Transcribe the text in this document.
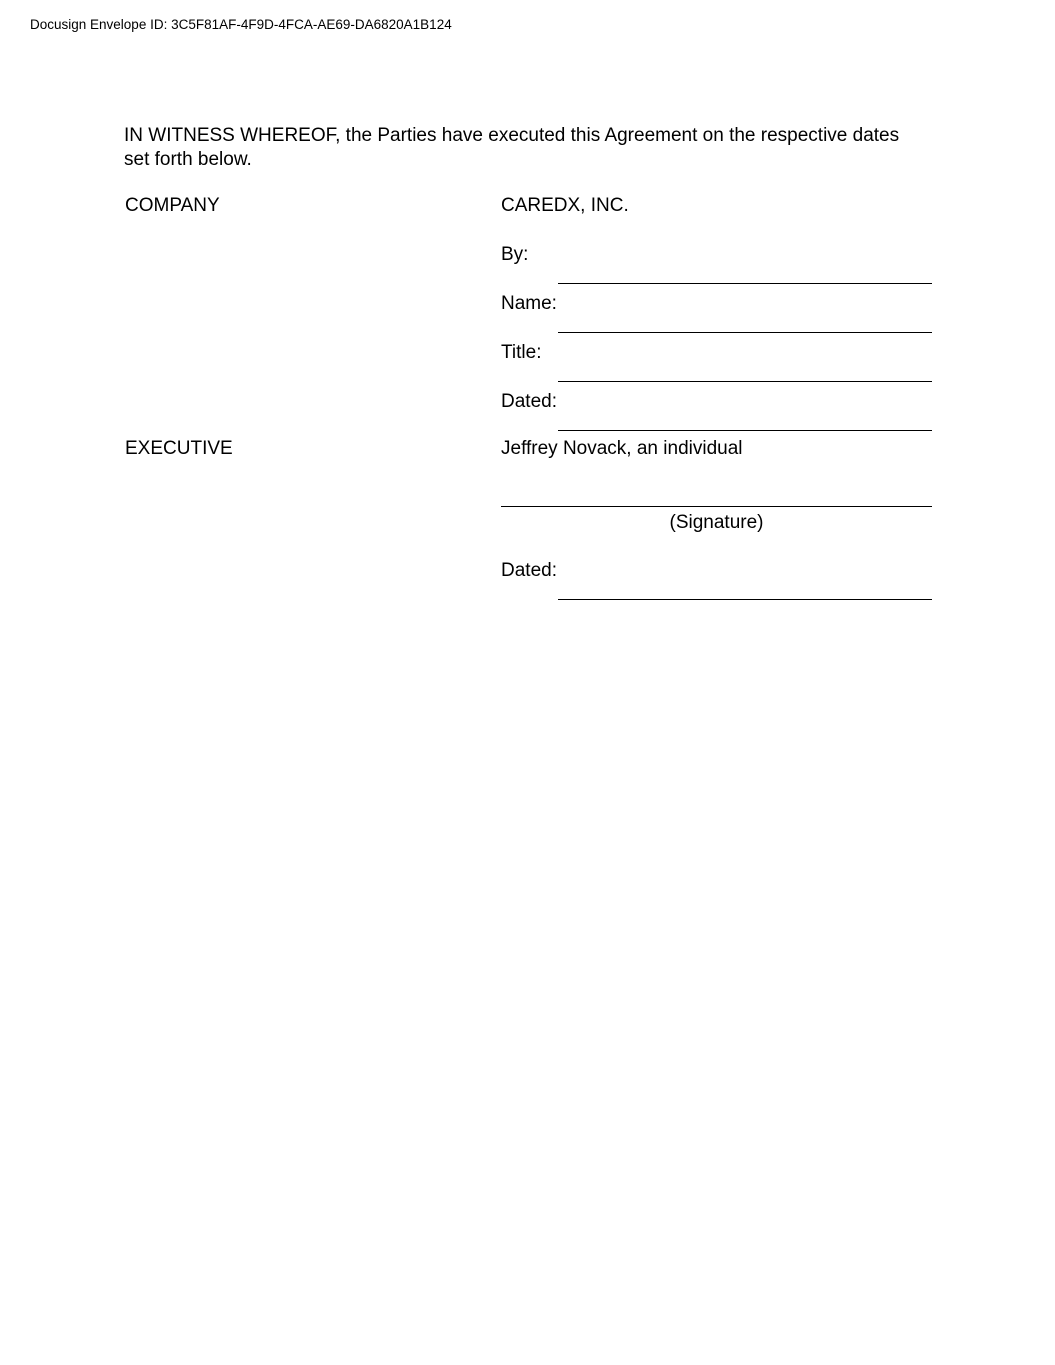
Docusign Envelope ID: 3C5F81AF-4F9D-4FCA-AE69-DA6820A1B124
IN WITNESS WHEREOF, the Parties have executed this Agreement on the respective dates set forth below.
COMPANY	CAREDX, INC.
By:
Name:
Title:
Dated:
EXECUTIVE	Jeffrey Novack, an individual
(Signature)
Dated:
